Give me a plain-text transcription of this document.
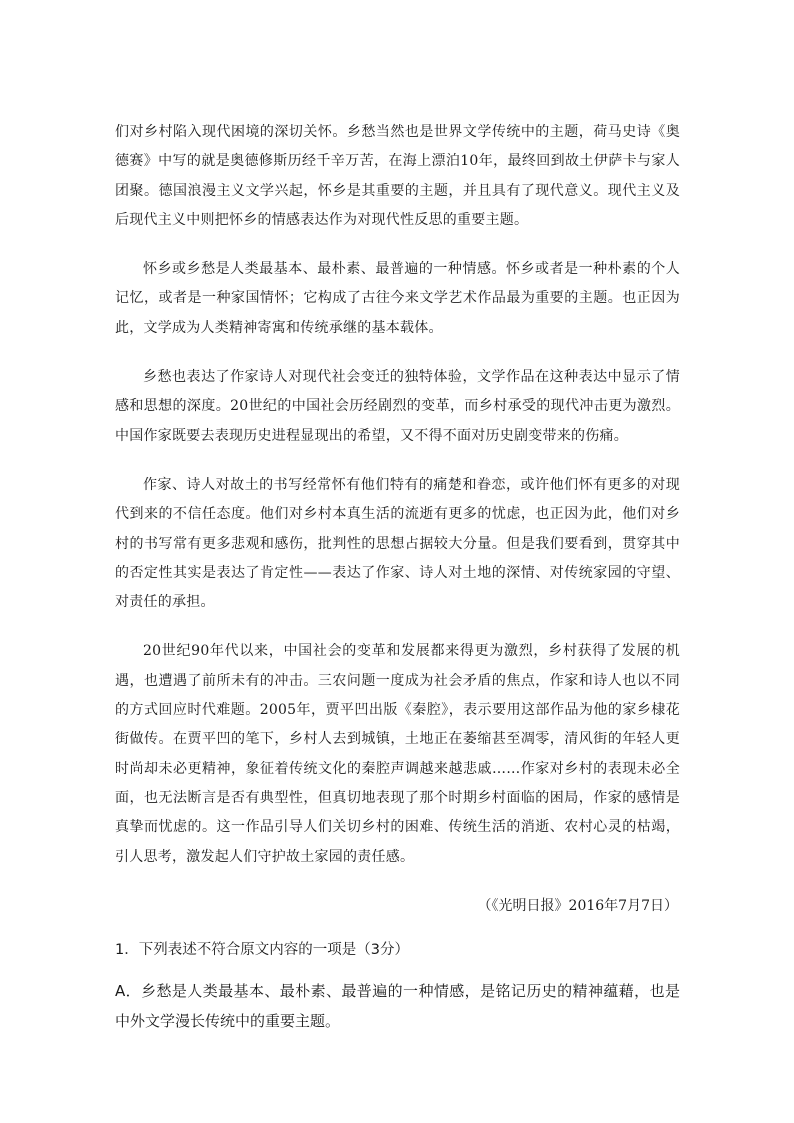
们对乡村陷入现代困境的深切关怀。乡愁当然也是世界文学传统中的主题，荷马史诗《奥德赛》中写的就是奥德修斯历经千辛万苦，在海上漂泊10年，最终回到故土伊萨卡与家人团聚。德国浪漫主义文学兴起，怀乡是其重要的主题，并且具有了现代意义。现代主义及后现代主义中则把怀乡的情感表达作为对现代性反思的重要主题。

怀乡或乡愁是人类最基本、最朴素、最普遍的一种情感。怀乡或者是一种朴素的个人记忆，或者是一种家国情怀；它构成了古往今来文学艺术作品最为重要的主题。也正因为此，文学成为人类精神寄寓和传统承继的基本载体。

乡愁也表达了作家诗人对现代社会变迁的独特体验，文学作品在这种表达中显示了情感和思想的深度。20世纪的中国社会历经剧烈的变革，而乡村承受的现代冲击更为激烈。中国作家既要去表现历史进程显现出的希望，又不得不面对历史剧变带来的伤痛。

作家、诗人对故土的书写经常怀有他们特有的痛楚和眷恋，或许他们怀有更多的对现代到来的不信任态度。他们对乡村本真生活的流逝有更多的忧虑，也正因为此，他们对乡村的书写常有更多悲观和感伤，批判性的思想占据较大分量。但是我们要看到，贯穿其中的否定性其实是表达了肯定性——表达了作家、诗人对土地的深情、对传统家园的守望、对责任的承担。

20世纪90年代以来，中国社会的变革和发展都来得更为激烈，乡村获得了发展的机遇，也遭遇了前所未有的冲击。三农问题一度成为社会矛盾的焦点，作家和诗人也以不同的方式回应时代难题。2005年，贾平凹出版《秦腔》，表示要用这部作品为他的家乡棣花街做传。在贾平凹的笔下，乡村人去到城镇，土地正在萎缩甚至凋零，清风街的年轻人更时尚却未必更精神，象征着传统文化的秦腔声调越来越悲戚……作家对乡村的表现未必全面，也无法断言是否有典型性，但真切地表现了那个时期乡村面临的困局，作家的感情是真挚而忧虑的。这一作品引导人们关切乡村的困难、传统生活的消逝、农村心灵的枯竭，引人思考，激发起人们守护故土家园的责任感。

（《光明日报》2016年7月7日）
1．下列表述不符合原文内容的一项是（3分）
A．乡愁是人类最基本、最朴素、最普遍的一种情感，是铭记历史的精神蕴藉，也是中外文学漫长传统中的重要主题。
